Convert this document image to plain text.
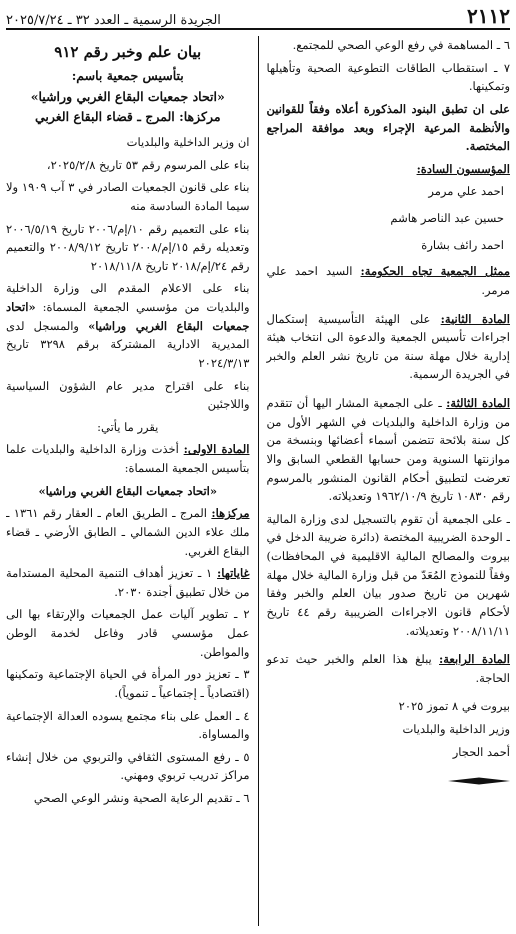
٢١١٢
الجريدة الرسمية ـ العدد ٣٢ ـ ٢٠٢٥/٧/٢٤

٦ ـ المساهمة في رفع الوعي الصحي للمجتمع.

٧ ـ استقطاب الطاقات التطوعية الصحية وتأهيلها وتمكينها.

على ان تطبق البنود المذكورة أعلاه وفقاً للقوانين والأنظمة المرعية الإجراء وبعد موافقة المراجع المختصة.

المؤسسون السادة:

احمد علي مرمر

حسين عبد الناصر هاشم

احمد رائف بشارة

ممثل الجمعية تجاه الحكومة: السيد احمد علي مرمر.

المادة الثانية: على الهيئة التأسيسية إستكمال اجراءات تأسيس الجمعية والدعوة الى انتخاب هيئة إدارية خلال مهلة سنة من تاريخ نشر العلم والخبر في الجريدة الرسمية.

المادة الثالثة: ـ على الجمعية المشار اليها أن تتقدم من وزارة الداخلية والبلديات في الشهر الأول من كل سنة بلائحة تتضمن أسماء أعضائها وبنسخة من موازنتها السنوية ومن حسابها القطعي السابق والا تعرضت لتطبيق أحكام القانون المنشور بالمرسوم رقم ١٠٨٣٠ تاريخ ١٩٦٢/١٠/٩ وتعديلاته.

ـ على الجمعية أن تقوم بالتسجيل لدى وزارة المالية ـ الوحدة الضريبية المختصة (دائرة ضريبة الدخل في بيروت والمصالح المالية الاقليمية في المحافظات) وفقاً للنموذج المُعَدّ من قبل وزارة المالية خلال مهلة شهرين من تاريخ صدور بيان العلم والخبر وفقا لأحكام قانون الاجراءات الضريبية رقم ٤٤ تاريخ ٢٠٠٨/١١/١١ وتعديلاته.

المادة الرابعة: يبلغ هذا العلم والخبر حيث تدعو الحاجة.

بيروت في ٨ تموز ٢٠٢٥

وزير الداخلية والبلديات

أحمد الحجار

بيان علم وخبر رقم ٩١٢

بتأسيس جمعية باسم:

«اتحاد جمعيات البقاع الغربي وراشيا»

مركزها: المرج ـ قضاء البقاع الغربي

ان وزير الداخلية والبلديات

بناء على المرسوم رقم ٥٣ تاريخ ٢٠٢٥/٢/٨،

بناء على قانون الجمعيات الصادر في ٣ آب ١٩٠٩ ولا سيما المادة السادسة منه

بناء على التعميم رقم ١٠/إم/٢٠٠٦ تاريخ ٢٠٠٦/٥/١٩ وتعديله رقم ١٥/إم/٢٠٠٨ تاريخ ٢٠٠٨/٩/١٢ والتعميم رقم ٢٤/إم/٢٠١٨ تاريخ ٢٠١٨/١١/٨

بناء على الاعلام المقدم الى وزارة الداخلية والبلديات من مؤسسي الجمعية المسماة: «اتحاد جمعيات البقاع الغربي وراشيا» والمسجل لدى المديرية الادارية المشتركة برقم ٣٢٩٨ تاريخ ٢٠٢٤/٣/١٣

بناء على اقتراح مدير عام الشؤون السياسية واللاجئين

يقرر ما يأتي:

المادة الاولى: أخذت وزارة الداخلية والبلديات علما بتأسيس الجمعية المسماة:

«اتحاد جمعيات البقاع الغربي وراشيا»

مركزها: المرج ـ الطريق العام ـ العقار رقم ١٣٦١ ـ ملك علاء الدين الشمالي ـ الطابق الأرضي ـ قضاء البقاع الغربي.

غاياتها: ١ ـ تعزيز أهداف التنمية المحلية المستدامة من خلال تطبيق أجندة ٢٠٣٠.

٢ ـ تطوير آليات عمل الجمعيات والإرتقاء بها الى عمل مؤسسي قادر وفاعل لخدمة الوطن والمواطن.

٣ ـ تعزيز دور المرأة في الحياة الإجتماعية وتمكينها (اقتصادياً ـ إجتماعياً ـ تنموياً).

٤ ـ العمل على بناء مجتمع يسوده العدالة الإجتماعية والمساواة.

٥ ـ رفع المستوى الثقافي والتربوي من خلال إنشاء مراكز تدريب تربوي ومهني.

٦ ـ تقديم الرعاية الصحية ونشر الوعي الصحي
